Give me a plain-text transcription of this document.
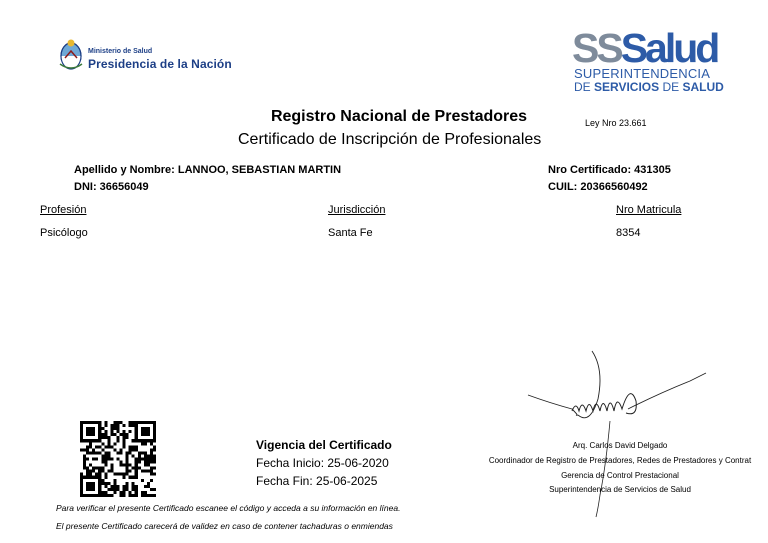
Ministerio de Salud
Presidencia de la Nación	SSSalud
SUPERINTENDENCIA
DE SERVICIOS DE SALUD
Registro Nacional de Prestadores
Certificado de Inscripción de Profesionales
Ley Nro 23.661
Apellido y Nombre: LANNOO, SEBASTIAN MARTIN
DNI: 36656049
Nro Certificado: 431305
CUIL: 20366560492
Profesión	Jurisdicción	Nro Matricula
Psicólogo	Santa Fe	8354
Vigencia del Certificado
Fecha Inicio: 25-06-2020
Fecha Fin: 25-06-2025
Arq. Carlos David Delgado
Coordinador de Registro de Prestadores, Redes de Prestadores y Contrat
Gerencia de Control Prestacional
Superintendencia de Servicios de Salud
Para verificar el presente Certificado escanee el código y acceda a su información en línea.
El presente Certificado carecerá de validez en caso de contener tachaduras o enmiendas
